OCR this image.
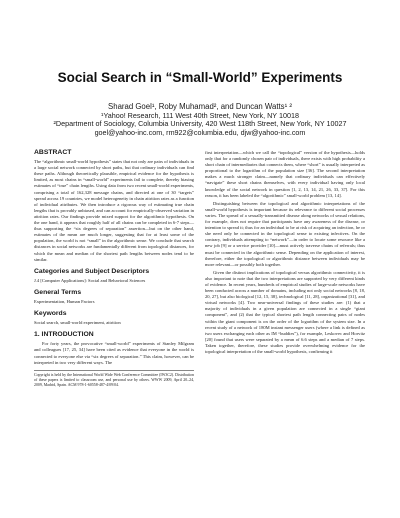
Social Search in “Small-World” Experiments
Sharad Goel¹, Roby Muhamad², and Duncan Watts¹ ²
¹Yahoo! Research, 111 West 40th Street, New York, NY 10018
²Department of Sociology, Columbia University, 420 West 118th Street, New York, NY 10027
goel@yahoo-inc.com, rm922@columbia.edu, djw@yahoo-inc.com
ABSTRACT

The “algorithmic small-world hypothesis” states that not only are pairs of individuals in a large social network connected by short paths, but that ordinary individuals can find these paths. Although theoretically plausible, empirical evidence for the hypothesis is limited, as most chains in “small-world” experiments fail to complete, thereby biasing estimates of “true” chain lengths. Using data from two recent small-world experiments, comprising a total of 162,328 message chains, and directed at one of 30 “targets” spread across 19 countries, we model heterogeneity in chain attrition rates as a function of individual attributes. We then introduce a rigorous way of estimating true chain lengths that is provably unbiased, and can account for empirically-observed variation in attrition rates. Our findings provide mixed support for the algorithmic hypothesis. On the one hand, it appears that roughly half of all chains can be completed in 6-7 steps—thus supporting the “six degrees of separation” assertion—but on the other hand, estimates of the mean are much longer, suggesting that for at least some of the population, the world is not “small” in the algorithmic sense. We conclude that search distances in social networks are fundamentally different from topological distances, for which the mean and median of the shortest path lengths between nodes tend to be similar.

Categories and Subject Descriptors

J.4 [Computer Applications]: Social and Behavioral Sciences

General Terms

Experimentation, Human Factors

Keywords

Social search, small-world experiment, attrition

1. INTRODUCTION

For forty years, the provocative “small-world” experiments of Stanley Milgram and colleagues [17, 25, 34] have been cited as evidence that everyone in the world is connected to everyone else via “six degrees of separation.” This claim, however, can be interpreted in two very different ways. The

Copyright is held by the International World Wide Web Conference Committee (IW3C2). Distribution of these papers is limited to classroom use, and personal use by others. WWW 2009, April 20–24, 2009, Madrid, Spain. ACM 978-1-60558-487-4/09/04.

first interpretation—which we call the “topological” version of the hypothesis—holds only that for a randomly chosen pair of individuals, there exists with high probability a short chain of intermediaries that connects them, where “short” is usually interpreted as proportional to the logarithm of the population size [36]. The second interpretation makes a much stronger claim—namely that ordinary individuals can effectively “navigate” these short chains themselves, with every individual having only local knowledge of the social network in question [1, 2, 13, 14, 21, 26, 33, 37]. For this reason, it has been labeled the “algorithmic” small-world problem [13, 14].

Distinguishing between the topological and algorithmic interpretations of the small-world hypothesis is important because its relevance to different social processes varies. The spread of a sexually-transmitted disease along networks of sexual relations, for example, does not require that participants have any awareness of the disease, or intention to spread it; thus for an individual to be at risk of acquiring an infection, he or she need only be connected in the topological sense to existing infectives. On the contrary, individuals attempting to “network”—in order to locate some resource like a new job [9] or a service provider [10]—must actively traverse chains of referrals; thus must be connected in the algorithmic sense. Depending on the application of interest, therefore, either the topological or algorithmic distance between individuals may be more relevant—or possibly both together.

Given the distinct implications of topological versus algorithmic connectivity, it is also important to note that the two interpretations are supported by very different kinds of evidence. In recent years, hundreds of empirical studies of large-scale networks have been conducted across a number of domains, including not only social networks [8, 18, 20, 27], but also biological [12, 15, 38], technological [11, 28], organizational [31], and virtual networks [4]. Two near-universal findings of these studies are: (1) that a majority of individuals in a given population are connected in a single “giant component”, and (2) that the typical shortest path length connecting pairs of nodes within the giant component is on the order of the logarithm of the system size. In a recent study of a network of 180M instant messenger users (where a link is defined as two users exchanging each other as IM “buddies”), for example, Leskovec and Horvitz [20] found that users were separated by a mean of 6.6 steps and a median of 7 steps. Taken together, therefore, these studies provide overwhelming evidence for the topological interpretation of the small-world hypothesis, confirming it
